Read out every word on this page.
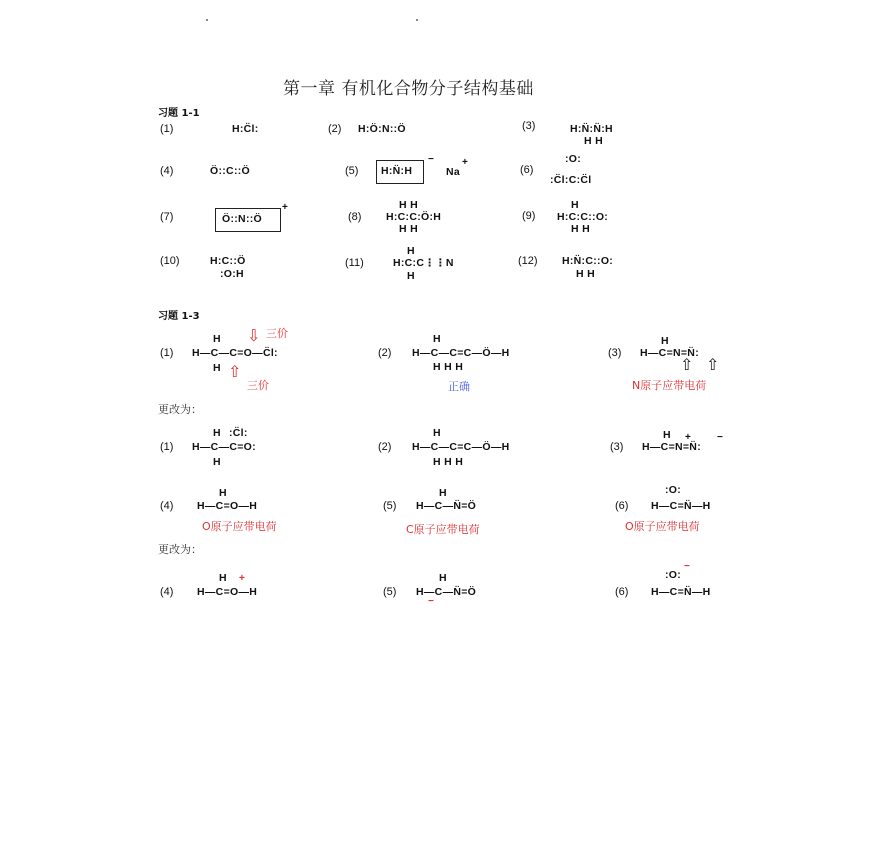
第一章 有机化合物分子结构基础
习题 1-1
(1)	H:C̈l:	(2) H:Ö:N::Ö	(3)	H:N̈:N̈:H
H H
(4)	Ö::C::Ö	(5) H:N̈:H
−
Na
+
(6)
:O:
:C̈l:C:C̈l
(7)	Ö::N::Ö
+
(8)
H H
H:C:C:Ö:H
H H
(9)
H
H:C:C::O:
H H
(10)	H:C::Ö
:O:H
(11)
H
H:C:C⋮⋮N
H
(12) H:N̈:C::O:
H H
习题 1-3
(1)
H
H—C—C=O—C̈l:
H
⇩ 三价
⇧
三价
(2)
H
H—C—C=C—Ö—H
H H H
正确
(3)
H
H—C=N=N̈:
⇧ ⇧
N原子应带电荷
更改为：
(1)
H :C̈l:
H—C—C=O:
H
(2)
H
H—C—C=C—Ö—H
H H H
(3)
H +
H—C=N=N̈:
−
(4)
H
H—C=O—H
O原子应带电荷
(5)
H
H—C—N̈=Ö
C原子应带电荷
(6)
:O:
H—C=N̈—H
O原子应带电荷
更改为：
(4)
H +
H—C=O—H	(5)
H
H—C—N̈=Ö
−
(6)
:O:
−
H—C=N̈—H
